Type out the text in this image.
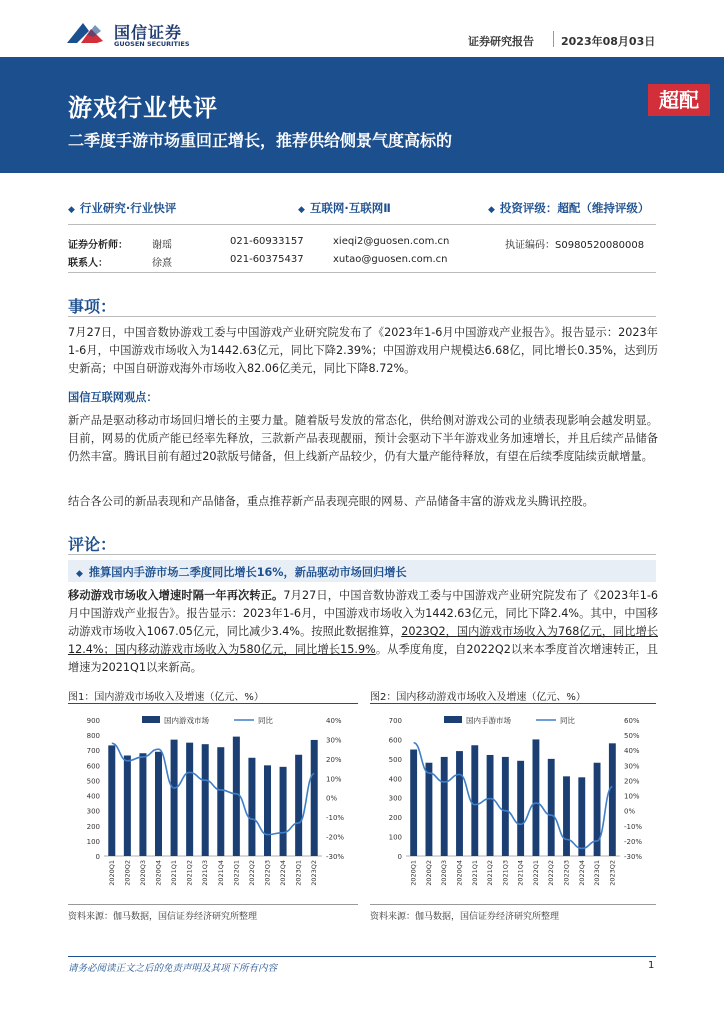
国信证券
GUOSEN SECURITIES	证券研究报告 2023年08月03日
游戏行业快评
二季度手游市场重回正增长，推荐供给侧景气度高标的
超配
◆ 行业研究·行业快评	◆ 互联网·互联网Ⅱ	◆ 投资评级：超配（维持评级）
证券分析师： 谢瑶	021-60933157	xieqi2@guosen.com.cn	执证编码：S0980520080008
联系人：	徐熹	021-60375437	xutao@guosen.com.cn
事项：
7月27日，中国音数协游戏工委与中国游戏产业研究院发布了《2023年1-6月中国游戏产业报告》。报告显示：2023年1-6月，中国游戏市场收入为1442.63亿元，同比下降2.39%；中国游戏用户规模达6.68亿，同比增长0.35%，达到历史新高；中国自研游戏海外市场收入82.06亿美元，同比下降8.72%。
国信互联网观点：
新产品是驱动移动市场回归增长的主要力量。随着版号发放的常态化，供给侧对游戏公司的业绩表现影响会越发明显。目前，网易的优质产能已经率先释放，三款新产品表现靓丽，预计会驱动下半年游戏业务加速增长，并且后续产品储备仍然丰富。腾讯目前有超过20款版号储备，但上线新产品较少，仍有大量产能待释放，有望在后续季度陆续贡献增量。
结合各公司的新品表现和产品储备，重点推荐新产品表现亮眼的网易、产品储备丰富的游戏龙头腾讯控股。
评论：
◆ 推算国内手游市场二季度同比增长16%，新品驱动市场回归增长
移动游戏市场收入增速时隔一年再次转正。7月27日，中国音数协游戏工委与中国游戏产业研究院发布了《2023年1-6月中国游戏产业报告》。报告显示：2023年1-6月，中国游戏市场收入为1442.63亿元，同比下降2.4%。其中，中国移动游戏市场收入1067.05亿元，同比减少3.4%。按照此数据推算，2023Q2，国内游戏市场收入为768亿元，同比增长12.4%；国内移动游戏市场收入为580亿元，同比增长15.9%。从季度角度，自2022Q2以来本季度首次增速转正，且增速为2021Q1以来新高。
图1：国内游戏市场收入及增速（亿元、%）	图2：国内移动游戏市场收入及增速（亿元、%）
0
100
200
300
400
500
600
700
800
900
-30%
-20%
-10%
0%
10%
20%
30%
40%
2020Q1 2020Q2 2020Q3 2020Q4 2021Q1 2021Q2 2021Q3 2021Q4 2022Q1 2022Q2 2022Q3 2022Q4 2023Q1 2023Q2
国内游戏市场	同比
0
100
200
300
400
500
600
700
-30%
-20%
-10%
0%
10%
20%
30%
40%
50%
60%
2020Q1 2020Q2 2020Q3 2020Q4 2021Q1 2021Q2 2021Q3 2021Q4 2022Q1 2022Q2 2022Q3 2022Q4 2023Q1 2023Q2
国内手游市场	同比
资料来源：伽马数据，国信证券经济研究所整理	资料来源：伽马数据，国信证券经济研究所整理
请务必阅读正文之后的免责声明及其项下所有内容	1
